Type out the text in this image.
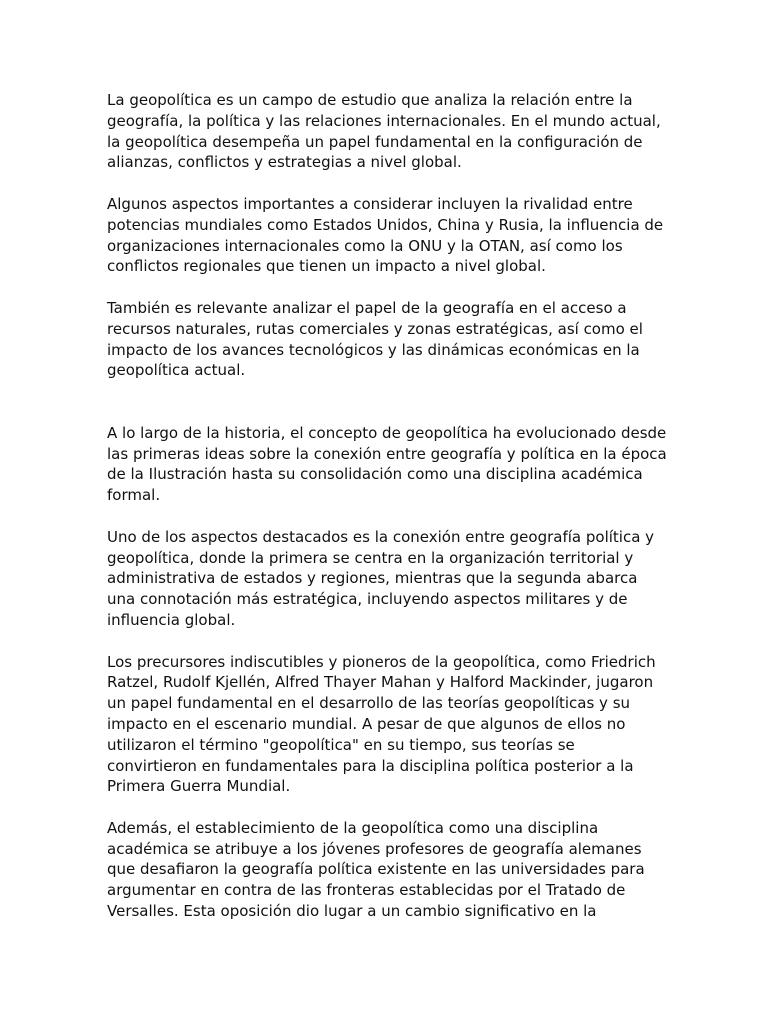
La geopolítica es un campo de estudio que analiza la relación entre la geografía, la política y las relaciones internacionales. En el mundo actual, la geopolítica desempeña un papel fundamental en la configuración de alianzas, conflictos y estrategias a nivel global.

Algunos aspectos importantes a considerar incluyen la rivalidad entre potencias mundiales como Estados Unidos, China y Rusia, la influencia de organizaciones internacionales como la ONU y la OTAN, así como los conflictos regionales que tienen un impacto a nivel global.

También es relevante analizar el papel de la geografía en el acceso a recursos naturales, rutas comerciales y zonas estratégicas, así como el impacto de los avances tecnológicos y las dinámicas económicas en la geopolítica actual.

A lo largo de la historia, el concepto de geopolítica ha evolucionado desde las primeras ideas sobre la conexión entre geografía y política en la época de la Ilustración hasta su consolidación como una disciplina académica formal.

Uno de los aspectos destacados es la conexión entre geografía política y geopolítica, donde la primera se centra en la organización territorial y administrativa de estados y regiones, mientras que la segunda abarca una connotación más estratégica, incluyendo aspectos militares y de influencia global.

Los precursores indiscutibles y pioneros de la geopolítica, como Friedrich Ratzel, Rudolf Kjellén, Alfred Thayer Mahan y Halford Mackinder, jugaron un papel fundamental en el desarrollo de las teorías geopolíticas y su impacto en el escenario mundial. A pesar de que algunos de ellos no utilizaron el término "geopolítica" en su tiempo, sus teorías se convirtieron en fundamentales para la disciplina política posterior a la Primera Guerra Mundial.

Además, el establecimiento de la geopolítica como una disciplina académica se atribuye a los jóvenes profesores de geografía alemanes que desafiaron la geografía política existente en las universidades para argumentar en contra de las fronteras establecidas por el Tratado de Versalles. Esta oposición dio lugar a un cambio significativo en la
